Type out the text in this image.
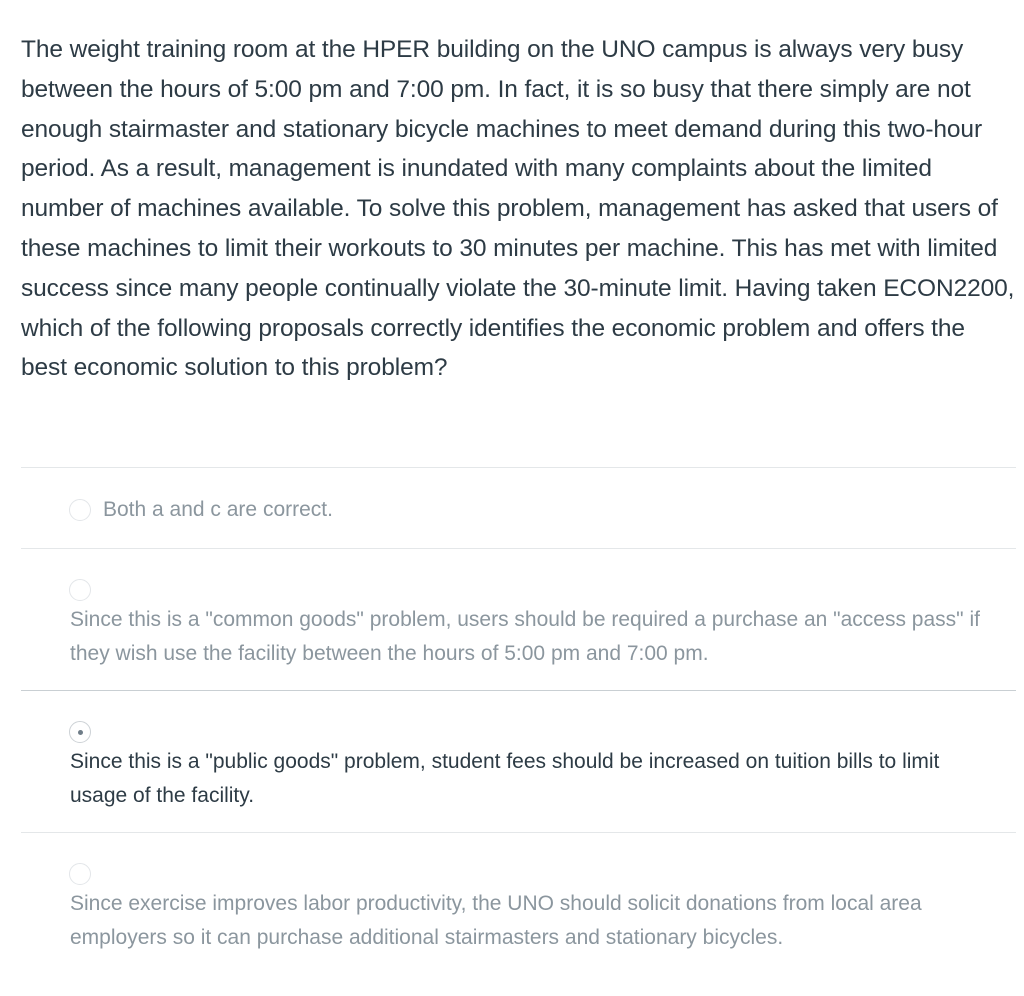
The weight training room at the HPER building on the UNO campus is always very busy between the hours of 5:00 pm and 7:00 pm. In fact, it is so busy that there simply are not enough stairmaster and stationary bicycle machines to meet demand during this two-hour period. As a result, management is inundated with many complaints about the limited number of machines available. To solve this problem, management has asked that users of these machines to limit their workouts to 30 minutes per machine. This has met with limited success since many people continually violate the 30-minute limit. Having taken ECON2200, which of the following proposals correctly identifies the economic problem and offers the best economic solution to this problem?
Both a and c are correct.
Since this is a "common goods" problem, users should be required a purchase an "access pass" if they wish use the facility between the hours of 5:00 pm and 7:00 pm.
Since this is a "public goods" problem, student fees should be increased on tuition bills to limit usage of the facility.
Since exercise improves labor productivity, the UNO should solicit donations from local area employers so it can purchase additional stairmasters and stationary bicycles.
